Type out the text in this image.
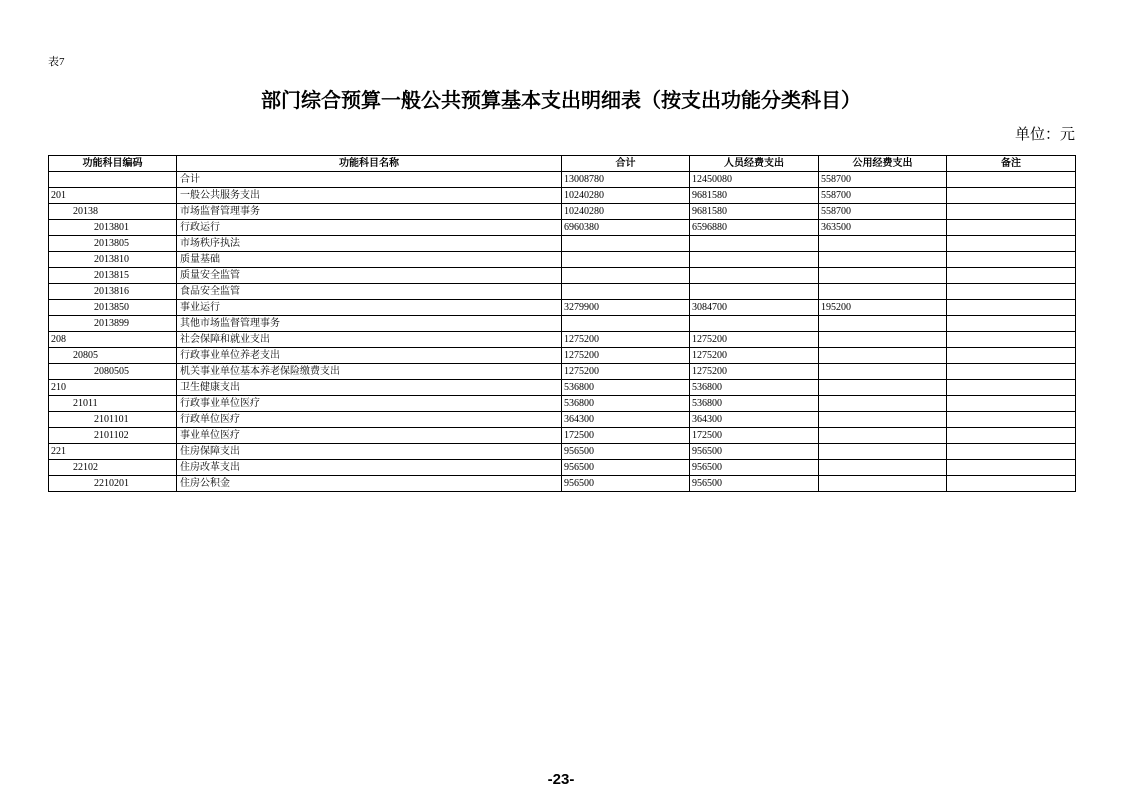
表7
部门综合预算一般公共预算基本支出明细表（按支出功能分类科目）
单位：元
功能科目编码	功能科目名称	合计	人员经费支出	公用经费支出	备注
	合计	13008780	12450080	558700	
201	一般公共服务支出	10240280	9681580	558700	
20138	市场监督管理事务	10240280	9681580	558700	
2013801	行政运行	6960380	6596880	363500	
2013805	市场秩序执法				
2013810	质量基础				
2013815	质量安全监管				
2013816	食品安全监管				
2013850	事业运行	3279900	3084700	195200	
2013899	其他市场监督管理事务				
208	社会保障和就业支出	1275200	1275200		
20805	行政事业单位养老支出	1275200	1275200		
2080505	机关事业单位基本养老保险缴费支出	1275200	1275200		
210	卫生健康支出	536800	536800		
21011	行政事业单位医疗	536800	536800		
2101101	行政单位医疗	364300	364300		
2101102	事业单位医疗	172500	172500		
221	住房保障支出	956500	956500		
22102	住房改革支出	956500	956500		
2210201	住房公积金	956500	956500		
-23-
